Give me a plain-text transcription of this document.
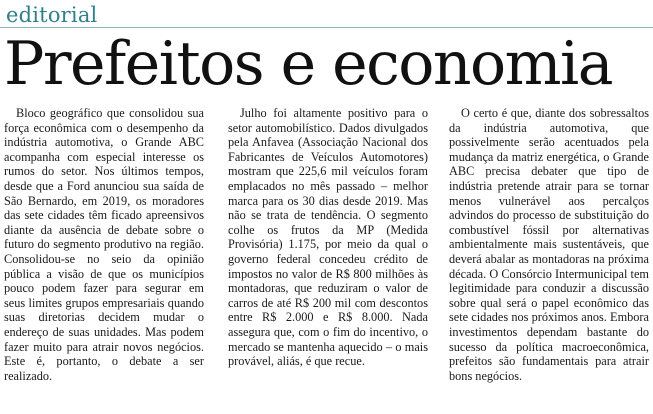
editorial
Prefeitos e economia

Bloco geográfico que consolidou sua força econômica com o desempenho da indústria automotiva, o Grande ABC acompanha com especial interesse os rumos do setor. Nos últimos tempos, desde que a Ford anunciou sua saída de São Bernardo, em 2019, os moradores das sete cidades têm ficado apreensivos diante da ausência de debate sobre o futuro do segmento produtivo na região. Consolidou-se no seio da opinião pública a visão de que os municípios pouco podem fazer para segurar em seus limites grupos empresariais quando suas diretorias decidem mudar o endereço de suas unidades. Mas podem fazer muito para atrair novos negócios. Este é, portanto, o debate a ser realizado.

Julho foi altamente positivo para o setor automobilístico. Dados divulgados pela Anfavea (Associação Nacional dos Fabricantes de Veículos Automotores) mostram que 225,6 mil veículos foram emplacados no mês passado – melhor marca para os 30 dias desde 2019. Mas não se trata de tendência. O segmento colhe os frutos da MP (Medida Provisória) 1.175, por meio da qual o governo federal concedeu crédito de impostos no valor de R$ 800 milhões às montadoras, que reduziram o valor de carros de até R$ 200 mil com descontos entre R$ 2.000 e R$ 8.000. Nada assegura que, com o fim do incentivo, o mercado se mantenha aquecido – o mais provável, aliás, é que recue.

O certo é que, diante dos sobressaltos da indústria automotiva, que possivelmente serão acentuados pela mudança da matriz energética, o Grande ABC precisa debater que tipo de indústria pretende atrair para se tornar menos vulnerável aos percalços advindos do processo de substituição do combustível fóssil por alternativas ambientalmente mais sustentáveis, que deverá abalar as montadoras na próxima década. O Consórcio Intermunicipal tem legitimidade para conduzir a discussão sobre qual será o papel econômico das sete cidades nos próximos anos. Embora investimentos dependam bastante do sucesso da política macroeconômica, prefeitos são fundamentais para atrair bons negócios.
